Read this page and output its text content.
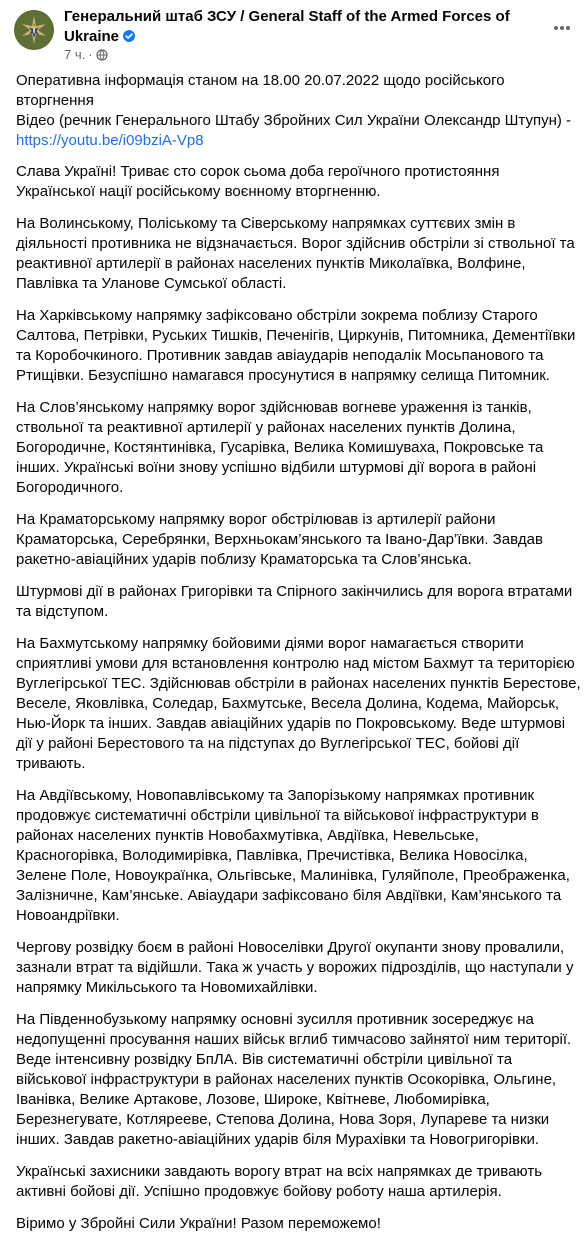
Генеральний штаб ЗСУ / General Staff of the Armed Forces of Ukraine
7 ч. ·

Оперативна інформація станом на 18.00 20.07.2022 щодо російського вторгнення
Відео (речник Генерального Штабу Збройних Сил України Олександр Штупун) -
https://youtu.be/i09bziA-Vp8

Слава Україні! Триває сто сорок сьома доба героїчного протистояння Української нації російському воєнному вторгненню.

На Волинському, Поліському та Сіверському напрямках суттєвих змін в діяльності противника не відзначається. Ворог здійснив обстріли зі ствольної та реактивної артилерії в районах населених пунктів Миколаївка, Волфине, Павлівка та Уланове Сумської області.

На Харківському напрямку зафіксовано обстріли зокрема поблизу Старого Салтова, Петрівки, Руських Тишків, Печенігів, Циркунів, Питомника, Дементіївки та Коробочкиного. Противник завдав авіаударів неподалік Мосьпанового та Ртищівки. Безуспішно намагався просунутися в напрямку селища Питомник.

На Слов’янському напрямку ворог здійснював вогневе ураження із танків, ствольної та реактивної артилерії у районах населених пунктів Долина, Богородичне, Костянтинівка, Гусарівка, Велика Комишуваха, Покровське та інших. Українські воїни знову успішно відбили штурмові дії ворога в районі Богородичного.

На Краматорському напрямку ворог обстрілював із артилерії райони Краматорська, Серебрянки, Верхньокам’янського та Івано-Дар’ївки. Завдав ракетно-авіаційних ударів поблизу Краматорська та Слов’янська.

Штурмові дії в районах Григорівки та Спірного закінчились для ворога втратами та відступом.

На Бахмутському напрямку бойовими діями ворог намагається створити сприятливі умови для встановлення контролю над містом Бахмут та територією Вуглегірської ТЕС. Здійснював обстріли в районах населених пунктів Берестове, Веселе, Яковлівка, Соледар, Бахмутське, Весела Долина, Кодема, Майорськ, Нью-Йорк та інших. Завдав авіаційних ударів по Покровському. Веде штурмові дії у районі Берестового та на підступах до Вуглегірської ТЕС, бойові дії тривають.

На Авдіївському, Новопавлівському та Запорізькому напрямках противник продовжує систематичні обстріли цивільної та військової інфраструктури в районах населених пунктів Новобахмутівка, Авдіївка, Невельське, Красногорівка, Володимирівка, Павлівка, Пречистівка, Велика Новосілка, Зелене Поле, Новоукраїнка, Ольгівське, Малинівка, Гуляйполе, Преображенка, Залізничне, Кам’янське. Авіаудари зафіксовано біля Авдіївки, Кам’янського та Новоандріївки.

Чергову розвідку боєм в районі Новоселівки Другої окупанти знову провалили, зазнали втрат та відійшли. Така ж участь у ворожих підрозділів, що наступали у напрямку Микільського та Новомихайлівки.

На Південнобузькому напрямку основні зусилля противник зосереджує на недопущенні просування наших військ вглиб тимчасово зайнятої ним території. Веде інтенсивну розвідку БпЛА. Вів систематичні обстріли цивільної та військової інфраструктури в районах населених пунктів Осокорівка, Ольгине, Іванівка, Велике Артакове, Лозове, Широке, Квітневе, Любомирівка, Березнегувате, Котлярееве, Степова Долина, Нова Зоря, Лупареве та низки інших. Завдав ракетно-авіаційних ударів біля Мурахівки та Новогригорівки.

Українські захисники завдають ворогу втрат на всіх напрямках де тривають активні бойові дії. Успішно продовжує бойову роботу наша артилерія.

Віримо у Збройні Сили України! Разом переможемо!
